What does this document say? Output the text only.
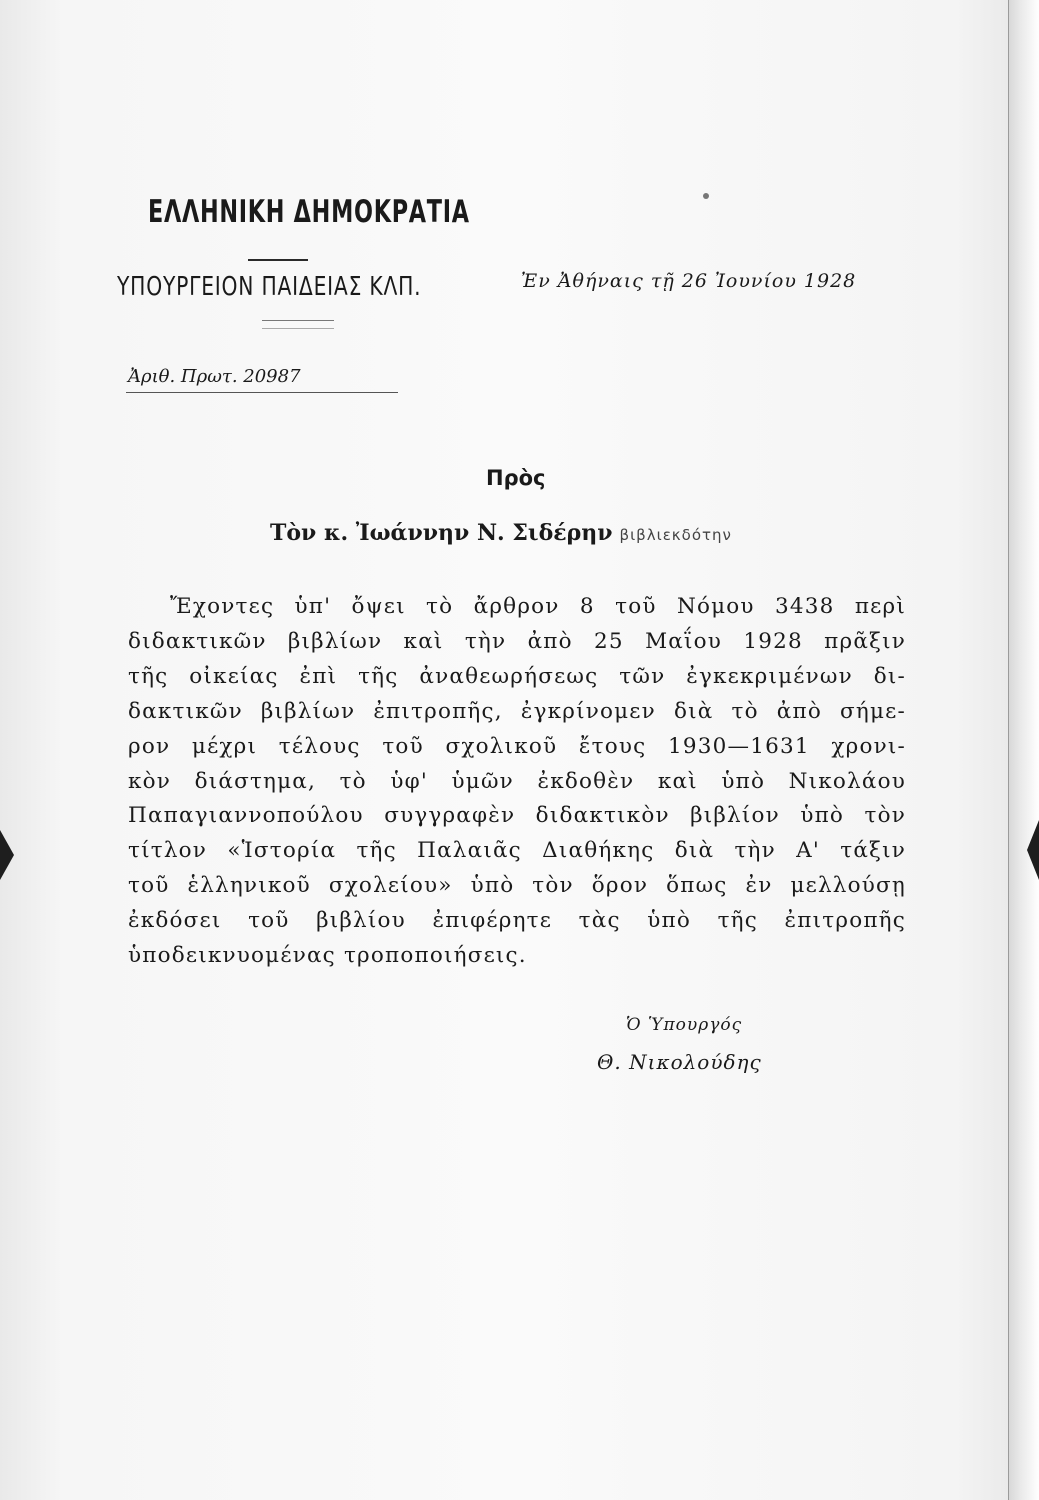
ΕΛΛΗΝΙΚΗ ΔΗΜΟΚΡΑΤΙΑ
ΥΠΟΥΡΓΕΙΟΝ ΠΑΙΔΕΙΑΣ ΚΛΠ.	Ἐν Ἀθήναις τῇ 26 Ἰουνίου 1928
Ἀριθ. Πρωτ. 20987
Πρὸς
Τὸν κ. Ἰωάννην Ν. Σιδέρην βιβλιεκδότην
Ἔχοντες ὑπ' ὄψει τὸ ἄρθρον 8 τοῦ Νόμου 3438 περὶ
διδακτικῶν βιβλίων καὶ τὴν ἀπὸ 25 Μαΐου 1928 πρᾶξιν
τῆς οἰκείας ἐπὶ τῆς ἀναθεωρήσεως τῶν ἐγκεκριμένων δι-
δακτικῶν βιβλίων ἐπιτροπῆς, ἐγκρίνομεν διὰ τὸ ἀπὸ σήμε-
ρον μέχρι τέλους τοῦ σχολικοῦ ἔτους 1930—1631 χρονι-
κὸν διάστημα, τὸ ὑφ' ὑμῶν ἐκδοθὲν καὶ ὑπὸ Νικολάου
Παπαγιαννοπούλου συγγραφὲν διδακτικὸν βιβλίον ὑπὸ τὸν
τίτλον «Ἱστορία τῆς Παλαιᾶς Διαθήκης διὰ τὴν Α' τάξιν
τοῦ ἑλληνικοῦ σχολείου» ὑπὸ τὸν ὅρον ὅπως ἐν μελλούσῃ
ἐκδόσει τοῦ βιβλίου ἐπιφέρητε τὰς ὑπὸ τῆς ἐπιτροπῆς
ὑποδεικνυομένας τροποποιήσεις.
Ὁ Ὑπουργός
Θ. Νικολούδης
